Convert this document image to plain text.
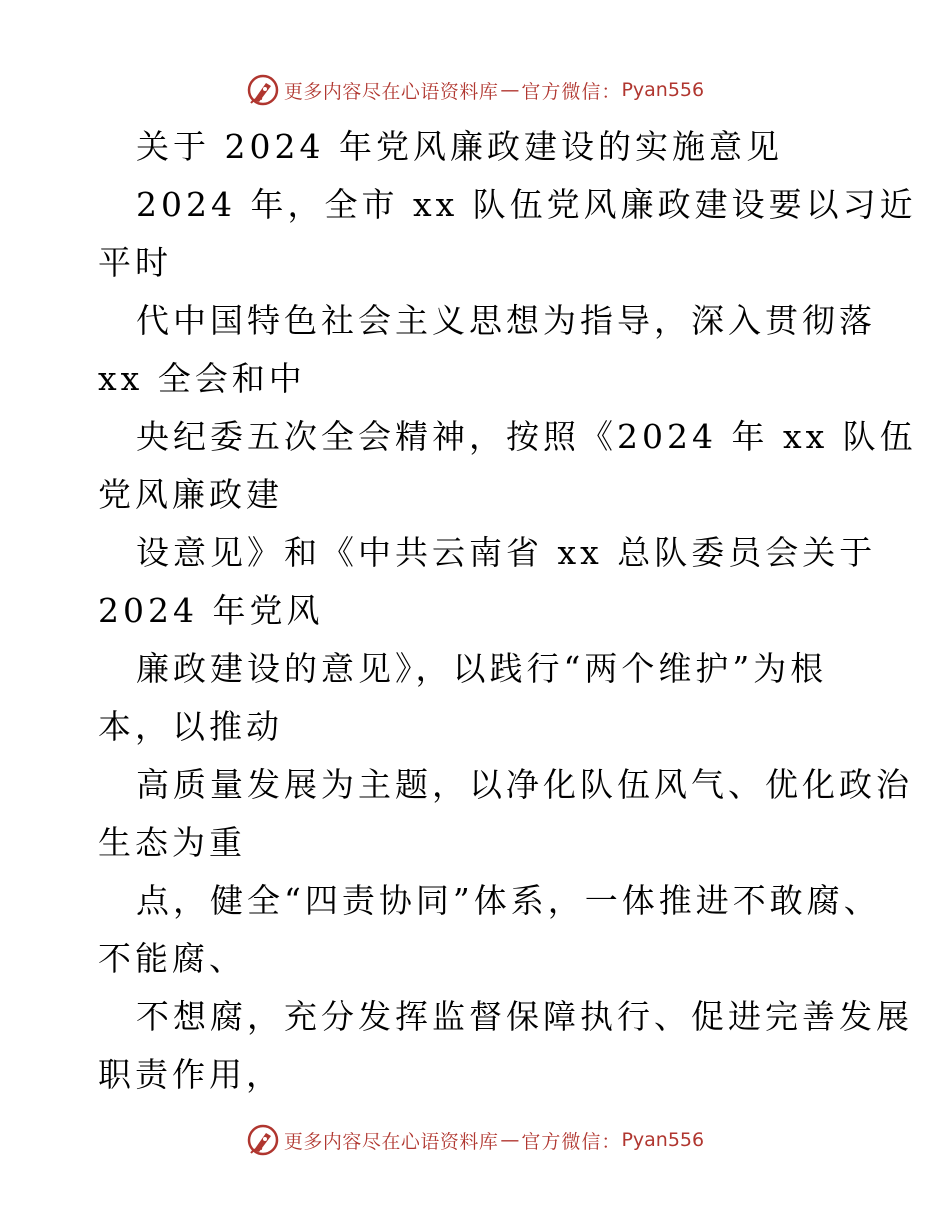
更多内容尽在心语资料库 — 官方微信： Pyan556
关于 2024 年党风廉政建设的实施意见
2024 年，全市 xx 队伍党风廉政建设要以习近
平时
代中国特色社会主义思想为指导，深入贯彻落
xx 全会和中
央纪委五次全会精神，按照《2024 年 xx 队伍
党风廉政建
设意见》和《中共云南省 xx 总队委员会关于
2024 年党风
廉政建设的意见》，以践行“两个维护”为根
本，以推动
高质量发展为主题，以净化队伍风气、优化政治
生态为重
点，健全“四责协同”体系，一体推进不敢腐、
不能腐、
不想腐，充分发挥监督保障执行、促进完善发展
职责作用，
更多内容尽在心语资料库 — 官方微信： Pyan556
